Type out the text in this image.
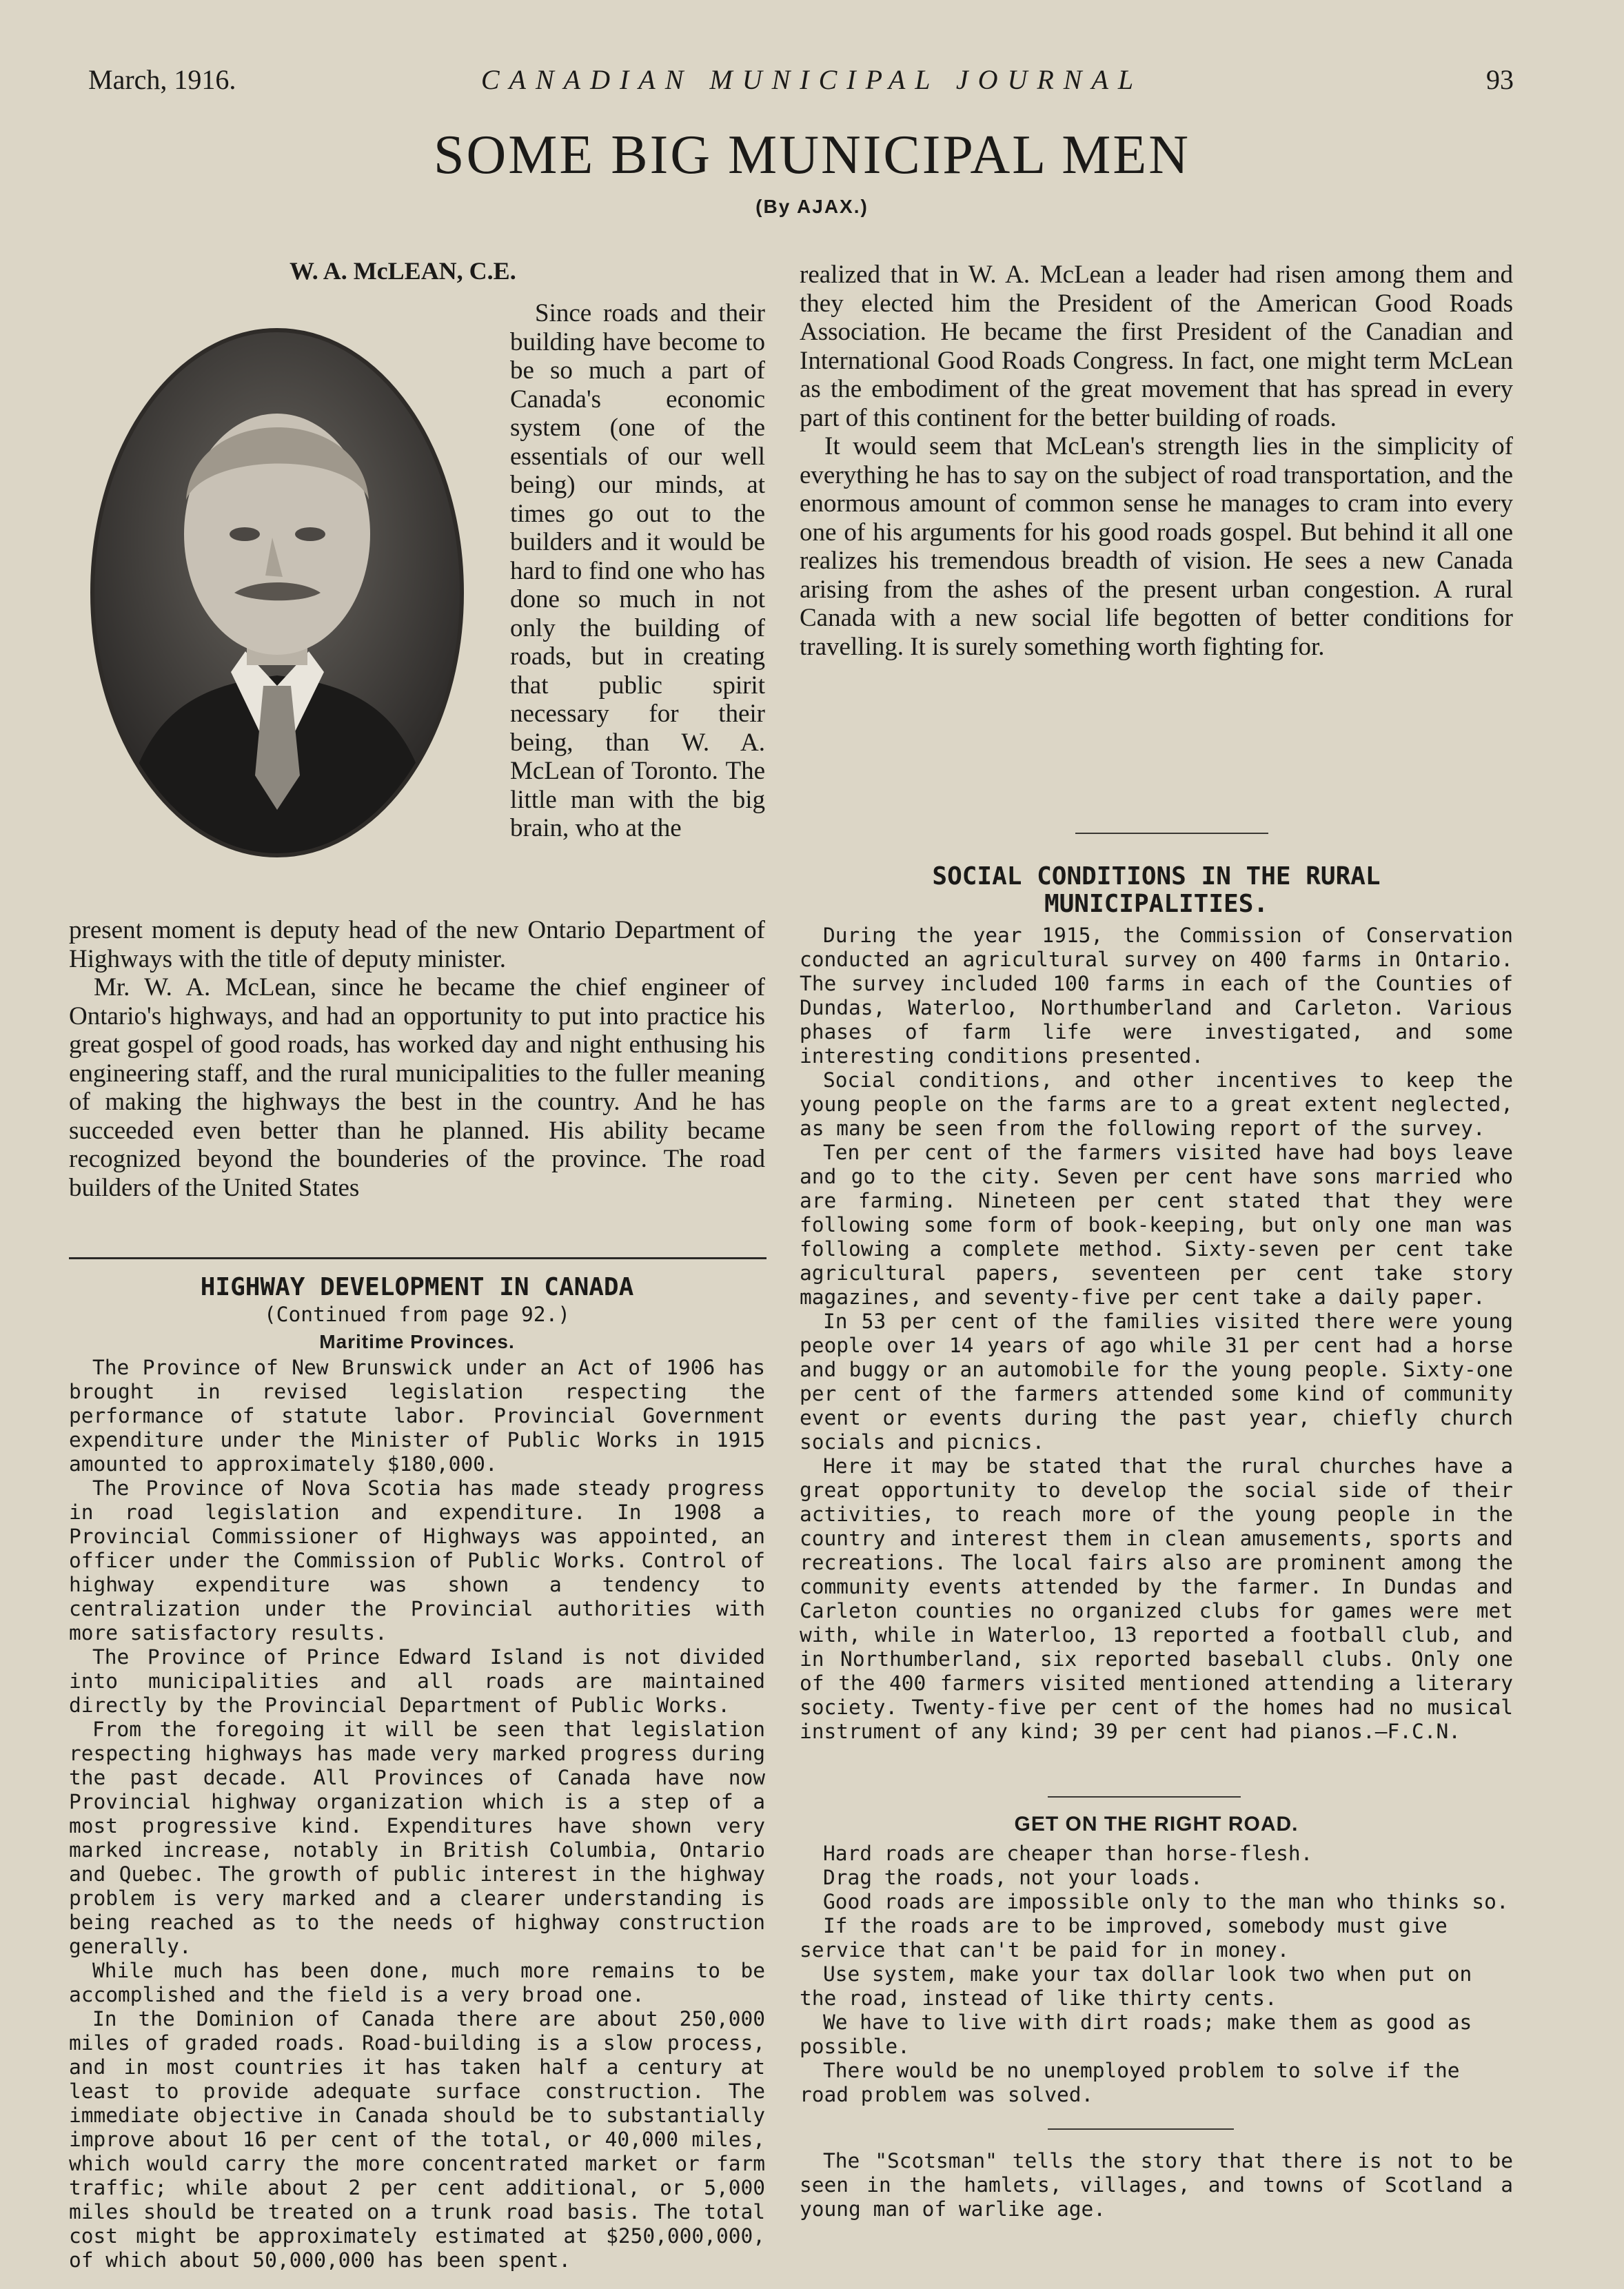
March, 1916.	CANADIAN MUNICIPAL JOURNAL	93
SOME BIG MUNICIPAL MEN
(By AJAX.)
W. A. McLEAN, C.E.
Since roads and their building have become to be so much a part of Canada's economic system (one of the essentials of our well being) our minds, at times go out to the builders and it would be hard to find one who has done so much in not only the building of roads, but in creating that public spirit necessary for their being, than W. A. McLean of Toronto. The little man with the big brain, who at the

present moment is deputy head of the new Ontario Department of Highways with the title of deputy minister.

Mr. W. A. McLean, since he became the chief engineer of Ontario's highways, and had an opportunity to put into practice his great gospel of good roads, has worked day and night enthusing his engineering staff, and the rural municipalities to the fuller meaning of making the highways the best in the country. And he has succeeded even better than he planned. His ability became recognized beyond the bounderies of the province. The road builders of the United States

HIGHWAY DEVELOPMENT IN CANADA
(Continued from page 92.)
Maritime Provinces.

The Province of New Brunswick under an Act of 1906 has brought in revised legislation respecting the performance of statute labor. Provincial Government expenditure under the Minister of Public Works in 1915 amounted to approximately $180,000.

The Province of Nova Scotia has made steady progress in road legislation and expenditure. In 1908 a Provincial Commissioner of Highways was appointed, an officer under the Commission of Public Works. Control of highway expenditure was shown a tendency to centralization under the Provincial authorities with more satisfactory results.

The Province of Prince Edward Island is not divided into municipalities and all roads are maintained directly by the Provincial Department of Public Works.

From the foregoing it will be seen that legislation respecting highways has made very marked progress during the past decade. All Provinces of Canada have now Provincial highway organization which is a step of a most progressive kind. Expenditures have shown very marked increase, notably in British Columbia, Ontario and Quebec. The growth of public interest in the highway problem is very marked and a clearer understanding is being reached as to the needs of highway construction generally.

While much has been done, much more remains to be accomplished and the field is a very broad one.

In the Dominion of Canada there are about 250,000 miles of graded roads. Road-building is a slow process, and in most countries it has taken half a century at least to provide adequate surface construction. The immediate objective in Canada should be to substantially improve about 16 per cent of the total, or 40,000 miles, which would carry the more concentrated market or farm traffic; while about 2 per cent additional, or 5,000 miles should be treated on a trunk road basis. The total cost might be approximately estimated at $250,000,000, of which about 50,000,000 has been spent.

realized that in W. A. McLean a leader had risen among them and they elected him the President of the American Good Roads Association. He became the first President of the Canadian and International Good Roads Congress. In fact, one might term McLean as the embodiment of the great movement that has spread in every part of this continent for the better building of roads.

It would seem that McLean's strength lies in the simplicity of everything he has to say on the subject of road transportation, and the enormous amount of common sense he manages to cram into every one of his arguments for his good roads gospel. But behind it all one realizes his tremendous breadth of vision. He sees a new Canada arising from the ashes of the present urban congestion. A rural Canada with a new social life begotten of better conditions for travelling. It is surely something worth fighting for.

SOCIAL CONDITIONS IN THE RURAL
MUNICIPALITIES.

During the year 1915, the Commission of Conservation conducted an agricultural survey on 400 farms in Ontario. The survey included 100 farms in each of the Counties of Dundas, Waterloo, Northumberland and Carleton. Various phases of farm life were investigated, and some interesting conditions presented.

Social conditions, and other incentives to keep the young people on the farms are to a great extent neglected, as many be seen from the following report of the survey.

Ten per cent of the farmers visited have had boys leave and go to the city. Seven per cent have sons married who are farming. Nineteen per cent stated that they were following some form of book-keeping, but only one man was following a complete method. Sixty-seven per cent take agricultural papers, seventeen per cent take story magazines, and seventy-five per cent take a daily paper.

In 53 per cent of the families visited there were young people over 14 years of ago while 31 per cent had a horse and buggy or an automobile for the young people. Sixty-one per cent of the farmers attended some kind of community event or events during the past year, chiefly church socials and picnics.

Here it may be stated that the rural churches have a great opportunity to develop the social side of their activities, to reach more of the young people in the country and interest them in clean amusements, sports and recreations. The local fairs also are prominent among the community events attended by the farmer. In Dundas and Carleton counties no organized clubs for games were met with, while in Waterloo, 13 reported a football club, and in Northumberland, six reported baseball clubs. Only one of the 400 farmers visited mentioned attending a literary society. Twenty-five per cent of the homes had no musical instrument of any kind; 39 per cent had pianos.—F.C.N.

GET ON THE RIGHT ROAD.

Hard roads are cheaper than horse-flesh.

Drag the roads, not your loads.

Good roads are impossible only to the man who thinks so.

If the roads are to be improved, somebody must give service that can't be paid for in money.

Use system, make your tax dollar look two when put on the road, instead of like thirty cents.

We have to live with dirt roads; make them as good as possible.

There would be no unemployed problem to solve if the road problem was solved.

The "Scotsman" tells the story that there is not to be seen in the hamlets, villages, and towns of Scotland a young man of warlike age.
